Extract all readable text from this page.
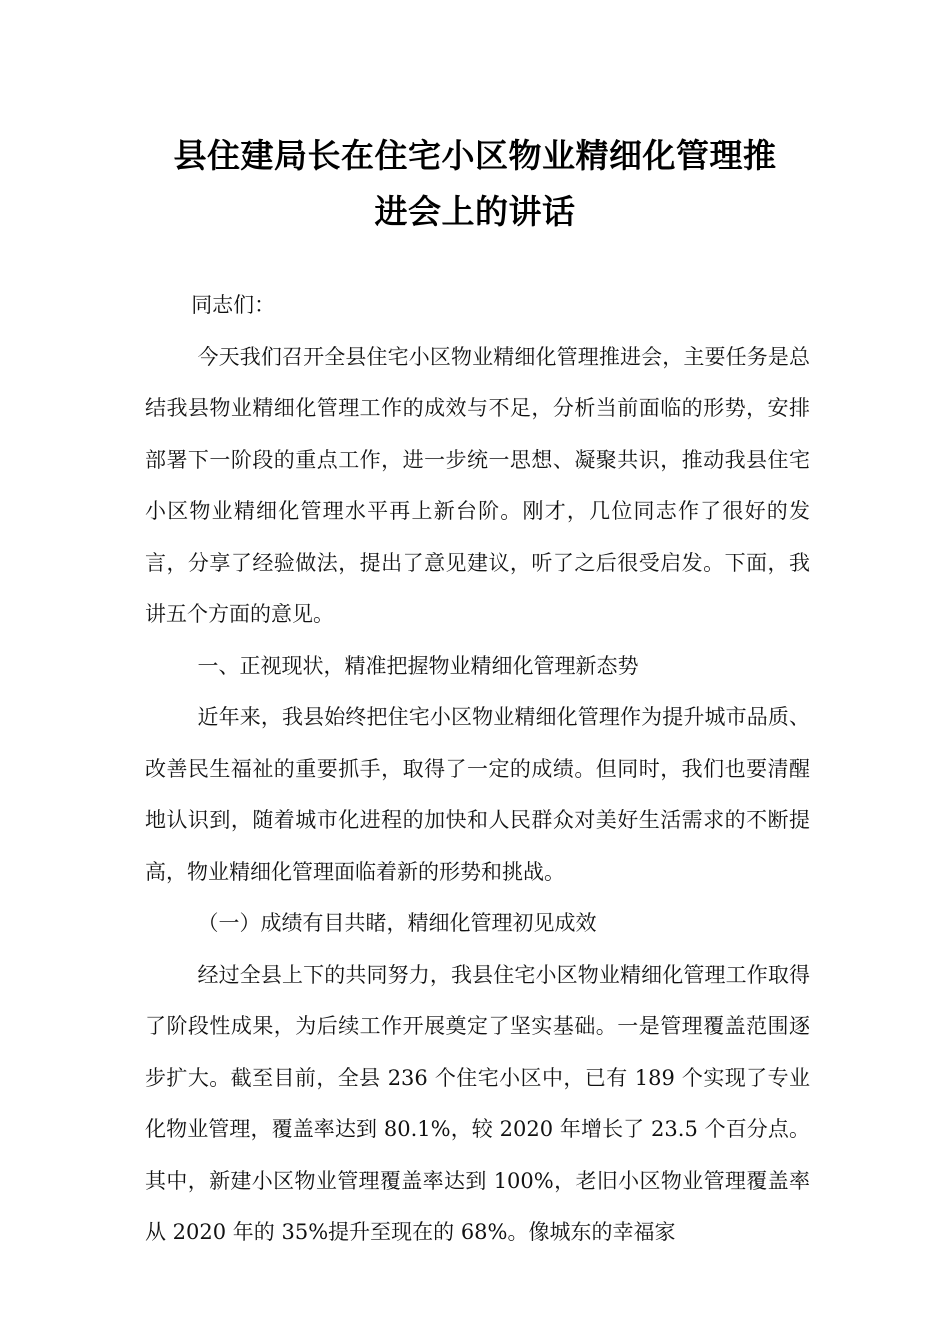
县住建局长在住宅小区物业精细化管理推
进会上的讲话

同志们：

今天我们召开全县住宅小区物业精细化管理推进会，主要任务是总结我县物业精细化管理工作的成效与不足，分析当前面临的形势，安排部署下一阶段的重点工作，进一步统一思想、凝聚共识，推动我县住宅小区物业精细化管理水平再上新台阶。刚才，几位同志作了很好的发言，分享了经验做法，提出了意见建议，听了之后很受启发。下面，我讲五个方面的意见。

一、正视现状，精准把握物业精细化管理新态势

近年来，我县始终把住宅小区物业精细化管理作为提升城市品质、改善民生福祉的重要抓手，取得了一定的成绩。但同时，我们也要清醒地认识到，随着城市化进程的加快和人民群众对美好生活需求的不断提高，物业精细化管理面临着新的形势和挑战。

（一）成绩有目共睹，精细化管理初见成效

经过全县上下的共同努力，我县住宅小区物业精细化管理工作取得了阶段性成果，为后续工作开展奠定了坚实基础。一是管理覆盖范围逐步扩大。截至目前，全县 236 个住宅小区中，已有 189 个实现了专业化物业管理，覆盖率达到 80.1%，较 2020 年增长了 23.5 个百分点。其中，新建小区物业管理覆盖率达到 100%，老旧小区物业管理覆盖率从 2020 年的 35%提升至现在的 68%。像城东的幸福家
